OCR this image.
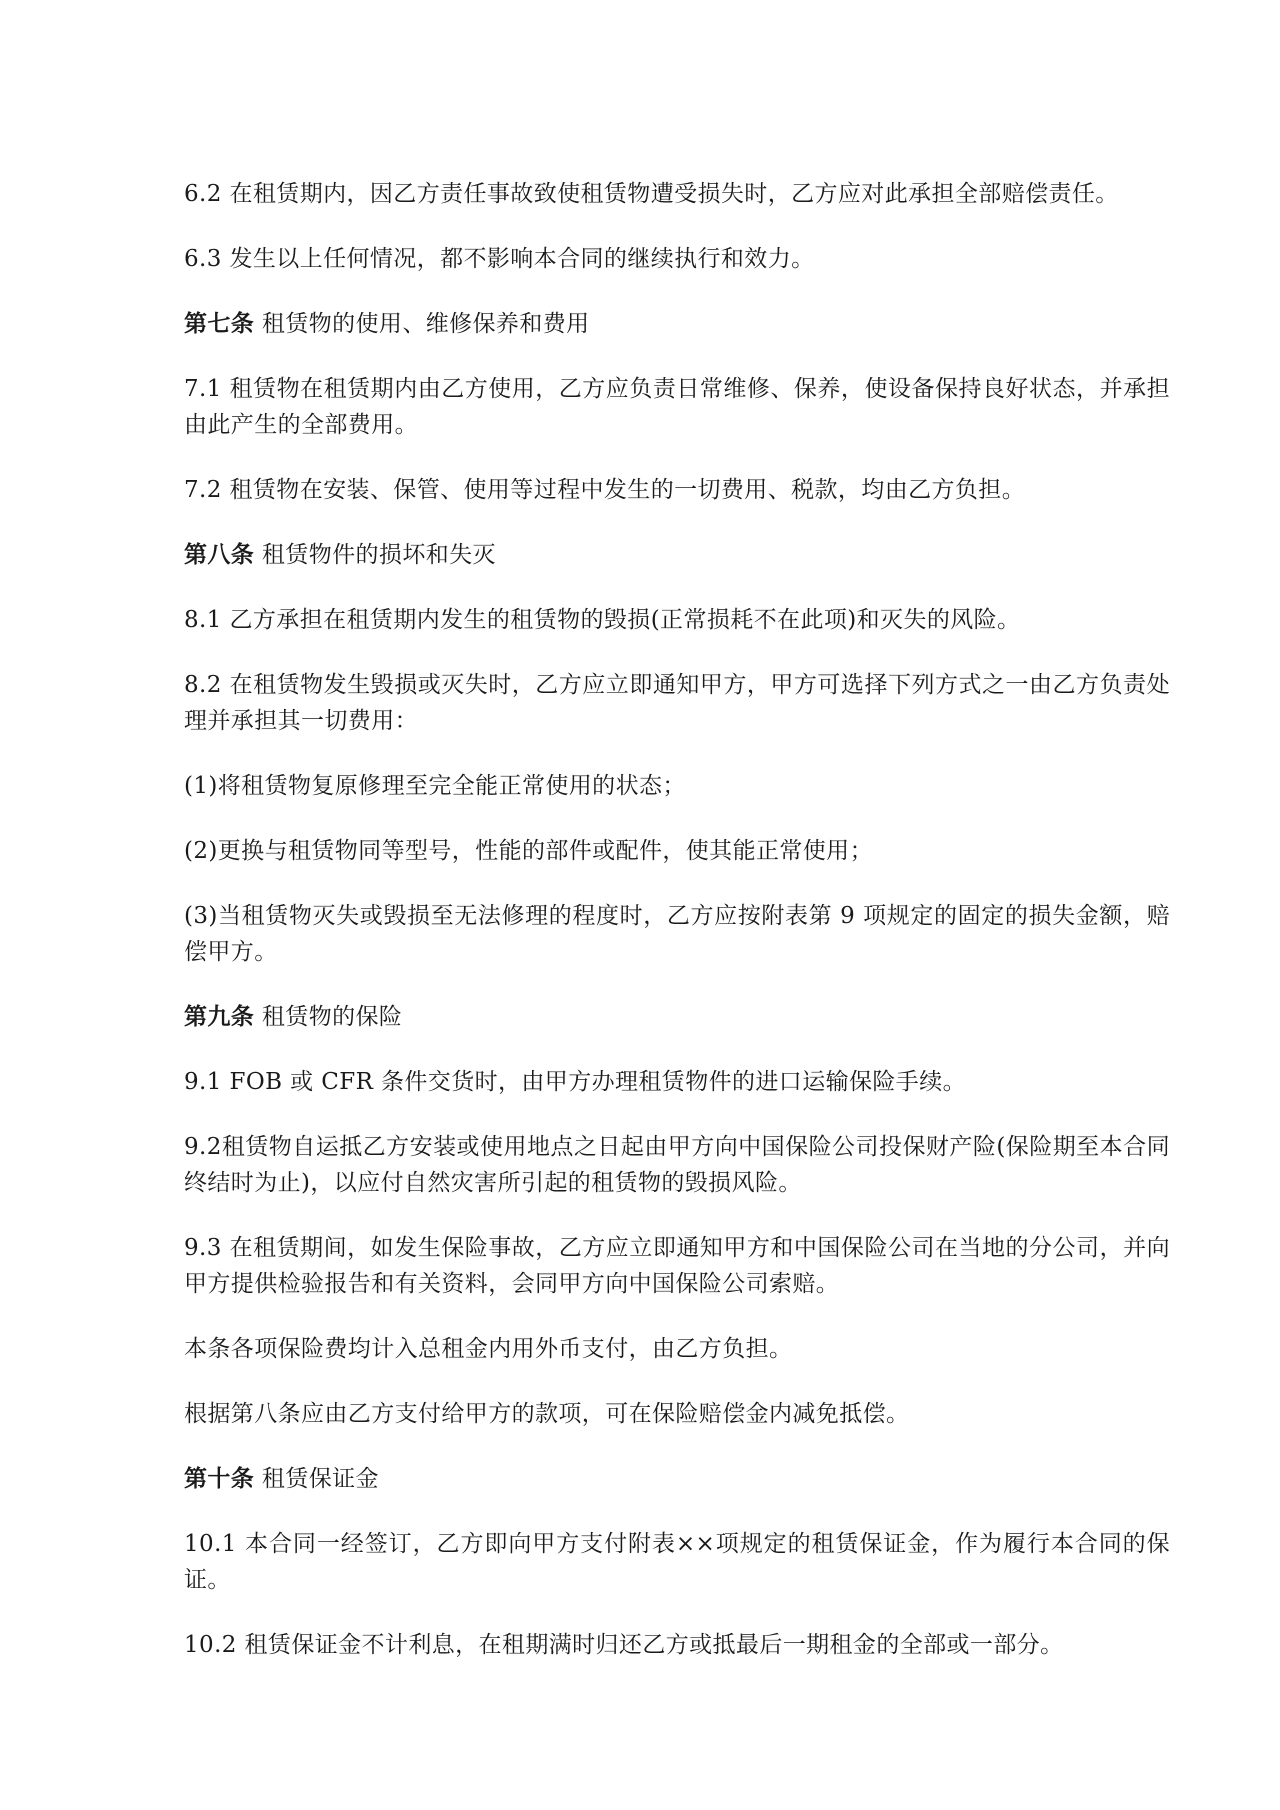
6.2 在租赁期内，因乙方责任事故致使租赁物遭受损失时，乙方应对此承担全部赔偿责任。

6.3 发生以上任何情况，都不影响本合同的继续执行和效力。

第七条 租赁物的使用、维修保养和费用

7.1 租赁物在租赁期内由乙方使用，乙方应负责日常维修、保养，使设备保持良好状态，并承担由此产生的全部费用。

7.2 租赁物在安装、保管、使用等过程中发生的一切费用、税款，均由乙方负担。

第八条 租赁物件的损坏和失灭

8.1 乙方承担在租赁期内发生的租赁物的毁损(正常损耗不在此项)和灭失的风险。

8.2 在租赁物发生毁损或灭失时，乙方应立即通知甲方，甲方可选择下列方式之一由乙方负责处理并承担其一切费用：

(1)将租赁物复原修理至完全能正常使用的状态；

(2)更换与租赁物同等型号，性能的部件或配件，使其能正常使用；

(3)当租赁物灭失或毁损至无法修理的程度时，乙方应按附表第 9 项规定的固定的损失金额，赔偿甲方。

第九条 租赁物的保险

9.1 FOB 或 CFR 条件交货时，由甲方办理租赁物件的进口运输保险手续。

9.2租赁物自运抵乙方安装或使用地点之日起由甲方向中国保险公司投保财产险(保险期至本合同终结时为止)，以应付自然灾害所引起的租赁物的毁损风险。

9.3 在租赁期间，如发生保险事故，乙方应立即通知甲方和中国保险公司在当地的分公司，并向甲方提供检验报告和有关资料，会同甲方向中国保险公司索赔。

本条各项保险费均计入总租金内用外币支付，由乙方负担。

根据第八条应由乙方支付给甲方的款项，可在保险赔偿金内减免抵偿。

第十条 租赁保证金

10.1 本合同一经签订，乙方即向甲方支付附表××项规定的租赁保证金，作为履行本合同的保证。

10.2 租赁保证金不计利息，在租期满时归还乙方或抵最后一期租金的全部或一部分。
